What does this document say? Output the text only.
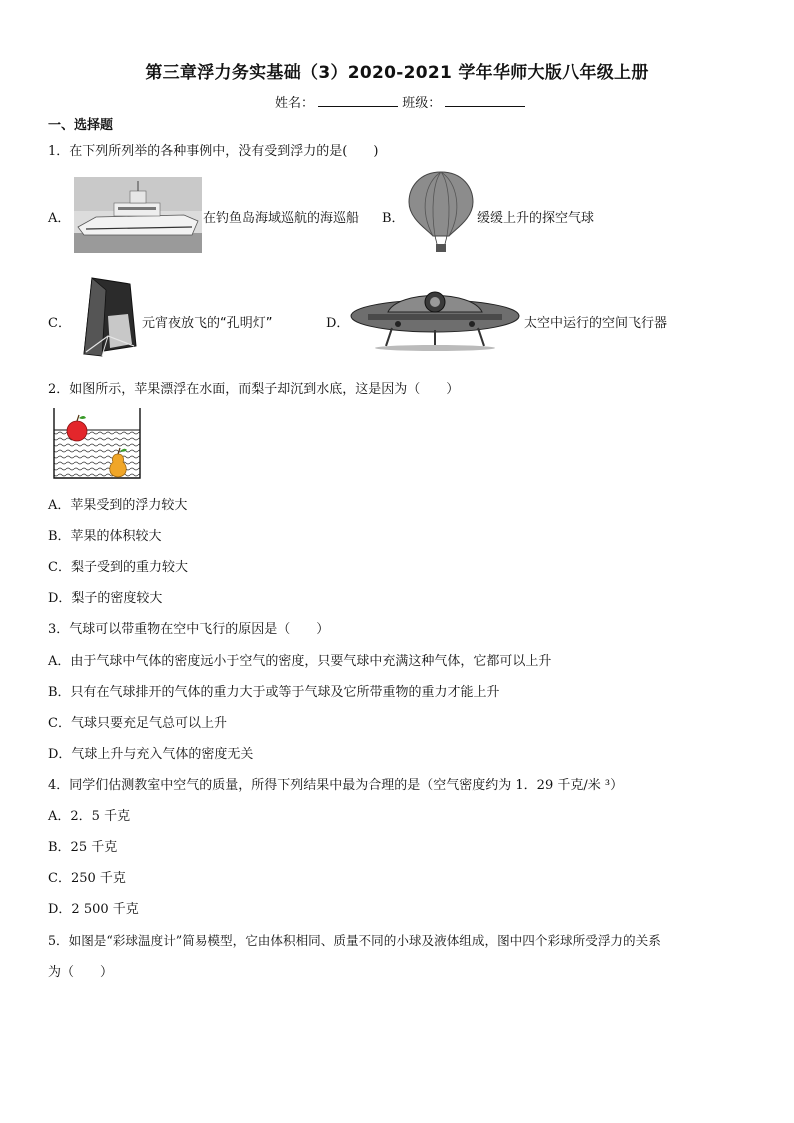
第三章浮力务实基础（3）2020-2021 学年华师大版八年级上册
姓名：	班级：
一、选择题
1．在下列所列举的各种事例中，没有受到浮力的是(　　)
A．	在钓鱼岛海域巡航的海巡船 B．	缓缓上升的探空气球
C．	元宵夜放飞的“孔明灯”	D．	太空中运行的空间飞行器
2．如图所示，苹果漂浮在水面，而梨子却沉到水底，这是因为（　　）
A．苹果受到的浮力较大
B．苹果的体积较大
C．梨子受到的重力较大
D．梨子的密度较大
3．气球可以带重物在空中飞行的原因是（　　）
A．由于气球中气体的密度远小于空气的密度，只要气球中充满这种气体，它都可以上升
B．只有在气球排开的气体的重力大于或等于气球及它所带重物的重力才能上升
C．气球只要充足气总可以上升
D．气球上升与充入气体的密度无关
4．同学们估测教室中空气的质量，所得下列结果中最为合理的是（空气密度约为 1．29 千克/米 ³）
A．2．5 千克
B．25 千克
C．250 千克
D．2 500 千克
5．如图是“彩球温度计”简易模型，它由体积相同、质量不同的小球及液体组成，图中四个彩球所受浮力的关系
为（　　）
